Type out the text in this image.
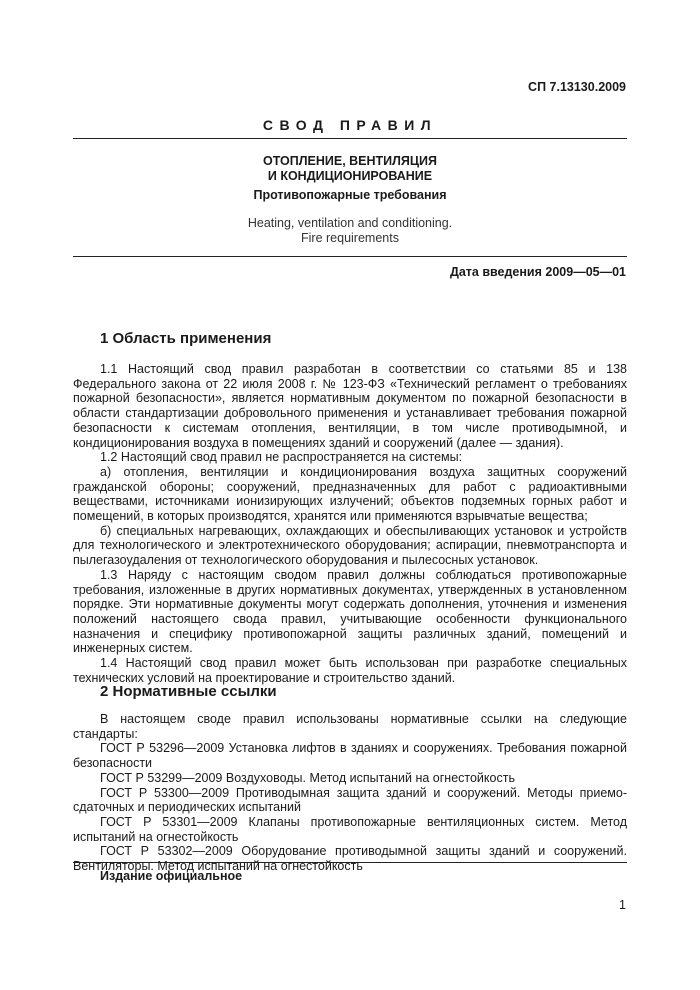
СП 7.13130.2009
СВОД ПРАВИЛ
ОТОПЛЕНИЕ, ВЕНТИЛЯЦИЯ
И КОНДИЦИОНИРОВАНИЕ
Противопожарные требования
Heating, ventilation and conditioning.
Fire requirements
Дата введения 2009—05—01
1 Область применения

1.1 Настоящий свод правил разработан в соответствии со статьями 85 и 138 Федерального закона от 22 июля 2008 г. № 123-ФЗ «Технический регламент о требованиях пожарной безопасности», является нормативным документом по пожарной безопасности в области стандартизации добровольного применения и устанавливает требования пожарной безопасности к системам отопления, вентиляции, в том числе противодымной, и кондиционирования воздуха в помещениях зданий и сооружений (далее — здания).

1.2 Настоящий свод правил не распространяется на системы:

а) отопления, вентиляции и кондиционирования воздуха защитных сооружений гражданской обороны; сооружений, предназначенных для работ с радиоактивными веществами, источниками ионизирующих излучений; объектов подземных горных работ и помещений, в которых производятся, хранятся или применяются взрывчатые вещества;

б) специальных нагревающих, охлаждающих и обеспыливающих установок и устройств для технологического и электротехнического оборудования; аспирации, пневмотранспорта и пылегазоудаления от технологического оборудования и пылесосных установок.

1.3 Наряду с настоящим сводом правил должны соблюдаться противопожарные требования, изложенные в других нормативных документах, утвержденных в установленном порядке. Эти нормативные документы могут содержать дополнения, уточнения и изменения положений настоящего свода правил, учитывающие особенности функционального назначения и специфику противопожарной защиты различных зданий, помещений и инженерных систем.

1.4 Настоящий свод правил может быть использован при разработке специальных технических условий на проектирование и строительство зданий.

2 Нормативные ссылки

В настоящем своде правил использованы нормативные ссылки на следующие стандарты:

ГОСТ Р 53296—2009 Установка лифтов в зданиях и сооружениях. Требования пожарной безопасности

ГОСТ Р 53299—2009 Воздуховоды. Метод испытаний на огнестойкость

ГОСТ Р 53300—2009 Противодымная защита зданий и сооружений. Методы приемо-сдаточных и периодических испытаний

ГОСТ Р 53301—2009 Клапаны противопожарные вентиляционных систем. Метод испытаний на огнестойкость

ГОСТ Р 53302—2009 Оборудование противодымной защиты зданий и сооружений. Вентиляторы. Метод испытаний на огнестойкость

Издание официальное
1
